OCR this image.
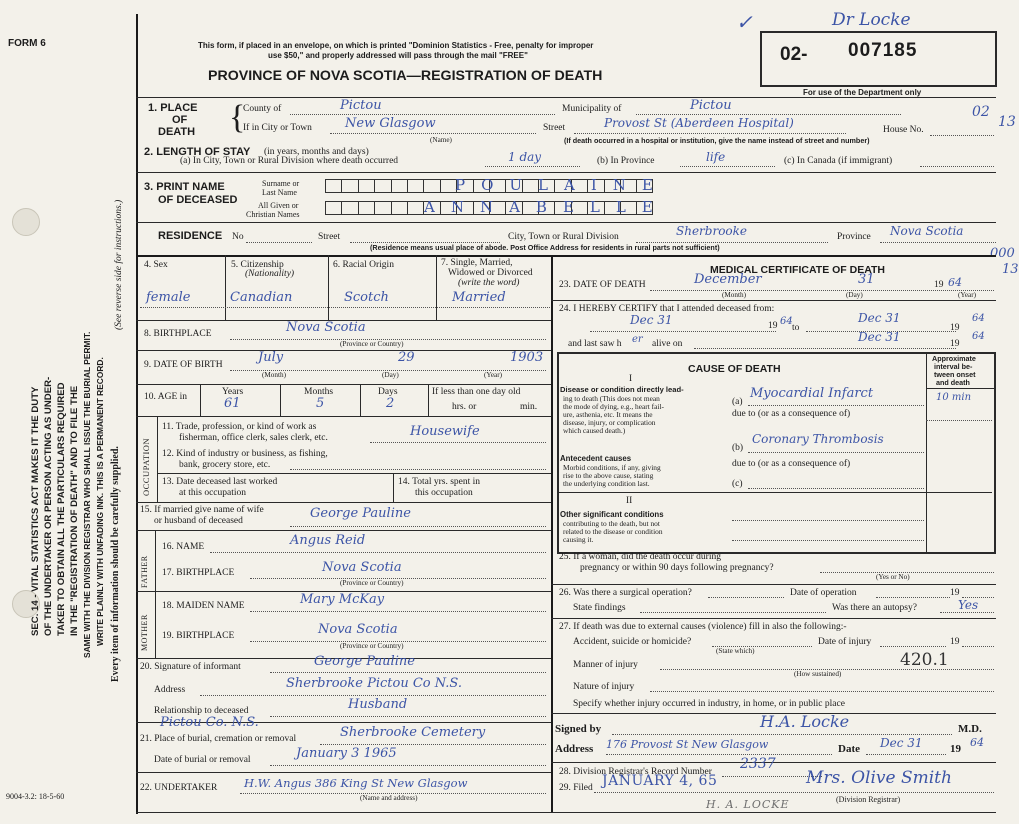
FORM 6
9004-3.2: 18-5-60
SEC. 14 - VITAL STATISTICS ACT MAKES IT THE DUTY OF THE UNDERTAKER OR PERSON ACTING AS UNDER- TAKER TO OBTAIN ALL THE PARTICULARS REQUIRED IN THE "REGISTRATION OF DEATH" AND TO FILE THE SAME WITH THE DIVISION REGISTRAR WHO SHALL ISSUE THE BURIAL PERMIT. WRITE PLAINLY WITH UNFADING INK. THIS IS A PERMANENT RECORD. Every item of information should be carefully supplied.
(See reverse side for instructions.)
This form, if placed in an envelope, on which is printed "Dominion Statistics - Free, penalty for improper
use $50," and properly addressed will pass through the mail "FREE"
PROVINCE OF NOVA SCOTIA—REGISTRATION OF DEATH
Dr Locke
✓
02- 007185
For use of the Department only
1. PLACE
OF
DEATH {
County of	Pictou	Municipality of	Pictou
If in City or Town	New Glasgow
(Name)
Street	Provost St (Aberdeen Hospital)	House No.
(If death occurred in a hospital or institution, give the name instead of street and number)
02
13
2. LENGTH OF STAY (in years, months and days)
(a) In City, Town or Rural Division where death occurred	1 day	(b) In Province	life	(c) In Canada (if immigrant)
3. PRINT NAME
OF DECEASED
Surname or
Last Name
All Given or
Christian Names
POULAINE
ANNABELLE
RESIDENCE No	Street	City, Town or Rural Division	Sherbrooke	Province Nova Scotia
(Residence means usual place of abode. Post Office Address for residents in rural parts not sufficient)	000
13
4. Sex	5. Citizenship
(Nationality)
6. Racial Origin	7. Single, Married,
Widowed or Divorced
(write the word)
female	Canadian	Scotch	Married
8. BIRTHPLACE	Nova Scotia
(Province or Country)
9. DATE OF BIRTH	July	29	1903
(Month)	(Day)	(Year)
10. AGE in	Years	Months	Days	If less than one day old
hrs. or	min.
61	5	2
OCCUPATION
11. Trade, profession, or kind of work as
fisherman, office clerk, sales clerk, etc.	Housewife
12. Kind of industry or business, as fishing,
bank, grocery store, etc.
13. Date deceased last worked
at this occupation
14. Total yrs. spent in
this occupation
15. If married give name of wife
or husband of deceased	George Pauline
FATHER
16. NAME	Angus Reid
17. BIRTHPLACE	Nova Scotia
(Province or Country)
MOTHER
18. MAIDEN NAME	Mary McKay
19. BIRTHPLACE	Nova Scotia
(Province or Country)
20. Signature of informant	George Pauline
Address	Sherbrooke Pictou Co N.S.
Relationship to deceased	Husband
Pictou Co. N.S.
21. Place of burial, cremation or removal	Sherbrooke Cemetery
Date of burial or removal	January 3 1965
22. UNDERTAKER H.W. Angus 386 King St New Glasgow
(Name and address)
MEDICAL CERTIFICATE OF DEATH
23. DATE OF DEATH	December	31	19 64
(Month)	(Day)	(Year)
24. I HEREBY CERTIFY that I attended deceased from:
Dec 31	19 64
to
Dec 31
19
64
and last saw h er alive on	Dec 31	19
64
CAUSE OF DEATH
Approximate
interval be-
tween onset
and death
I
Disease or condition directly lead-
ing to death (This does not mean
the mode of dying, e.g., heart fail-
ure, asthenia, etc. It means the
disease, injury, or complication
which caused death.)
(a)
Myocardial Infarct	10 min
due to (or as a consequence of)
(b)
Coronary Thrombosis
Antecedent causes
Morbid conditions, if any, giving
rise to the above cause, stating
the underlying condition last.
due to (or as a consequence of)
(c)
II
Other significant conditions
contributing to the death, but not
related to the disease or condition
causing it.
25. If a woman, did the death occur during
pregnancy or within 90 days following pregnancy?
(Yes or No)
26. Was there a surgical operation?	Date of operation	19
State findings	Was there an autopsy?	Yes
27. If death was due to external causes (violence) fill in also the following:-
Accident, suicide or homicide?	Date of injury	19
(State which)
Manner of injury	420.1
(How sustained)
Nature of injury
Specify whether injury occurred in industry, in home, or in public place
Signed by	H.A. Locke	M.D.
Address 176 Provost St New Glasgow	Date Dec 31 19 64
28. Division Registrar's Record Number 2337
29. Filed JANUARY 4, 65	Mrs. Olive Smith
(Division Registrar)
H. A. LOCKE
